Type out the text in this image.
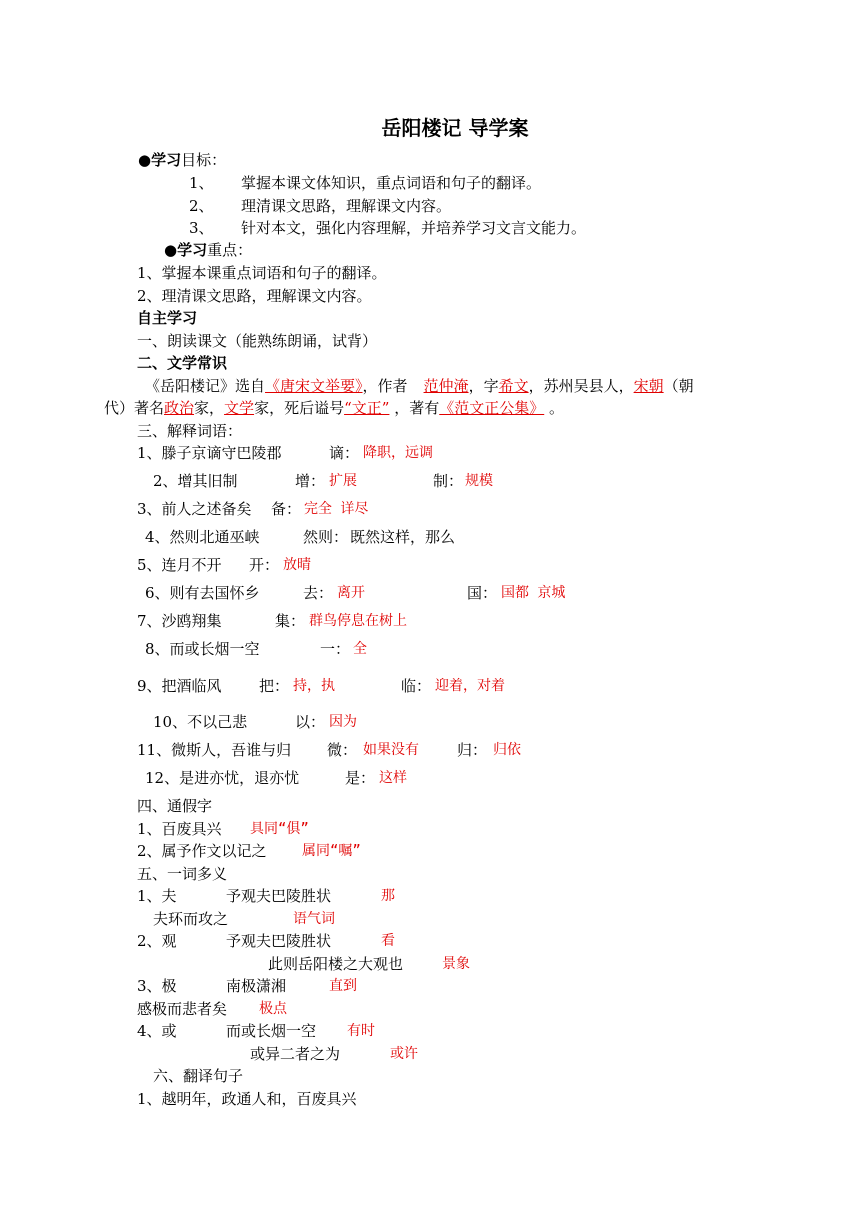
岳阳楼记 导学案
●学习目标：
1、 掌握本课文体知识，重点词语和句子的翻译。
2、 理清课文思路，理解课文内容。
3、 针对本文，强化内容理解，并培养学习文言文能力。
●学习重点：
1、掌握本课重点词语和句子的翻译。
2、理清课文思路，理解课文内容。
自主学习
一、朗读课文（能熟练朗诵，试背）
二、文学常识
《岳阳楼记》选自《唐宋文举要》，作者 范仲淹，字希文，苏州吴县人，宋朝（朝
代）著名政治家，文学家，死后谥号“文正” ，著有《范文正公集》 。
三、解释词语：
1、滕子京谪守巴陵郡	谪： 降职，远调
2、增其旧制	增： 扩展	制： 规模
3、前人之述备矣 备： 完全 详尽
4、然则北通巫峡	然则： 既然这样，那么
5、连月不开 开： 放晴
6、则有去国怀乡	去： 离开	国： 国都 京城
7、沙鸥翔集	集： 群鸟停息在树上
8、而或长烟一空	一： 全
9、把酒临风 把： 持，执	临： 迎着，对着
10、不以己悲	以： 因为
11、微斯人，吾谁与归 微： 如果没有	归： 归依
12、是进亦忧，退亦忧	是： 这样
四、通假字
1、百废具兴 具同“俱”
2、属予作文以记之	属同“嘱”
五、一词多义
1、夫	予观夫巴陵胜状	那
夫环而攻之	语气词
2、观	予观夫巴陵胜状	看
此则岳阳楼之大观也	景象
3、极	南极潇湘	直到
感极而悲者矣 极点
4、或	而或长烟一空 有时
或异二者之为	或许
六、翻译句子
1、越明年，政通人和，百废具兴
